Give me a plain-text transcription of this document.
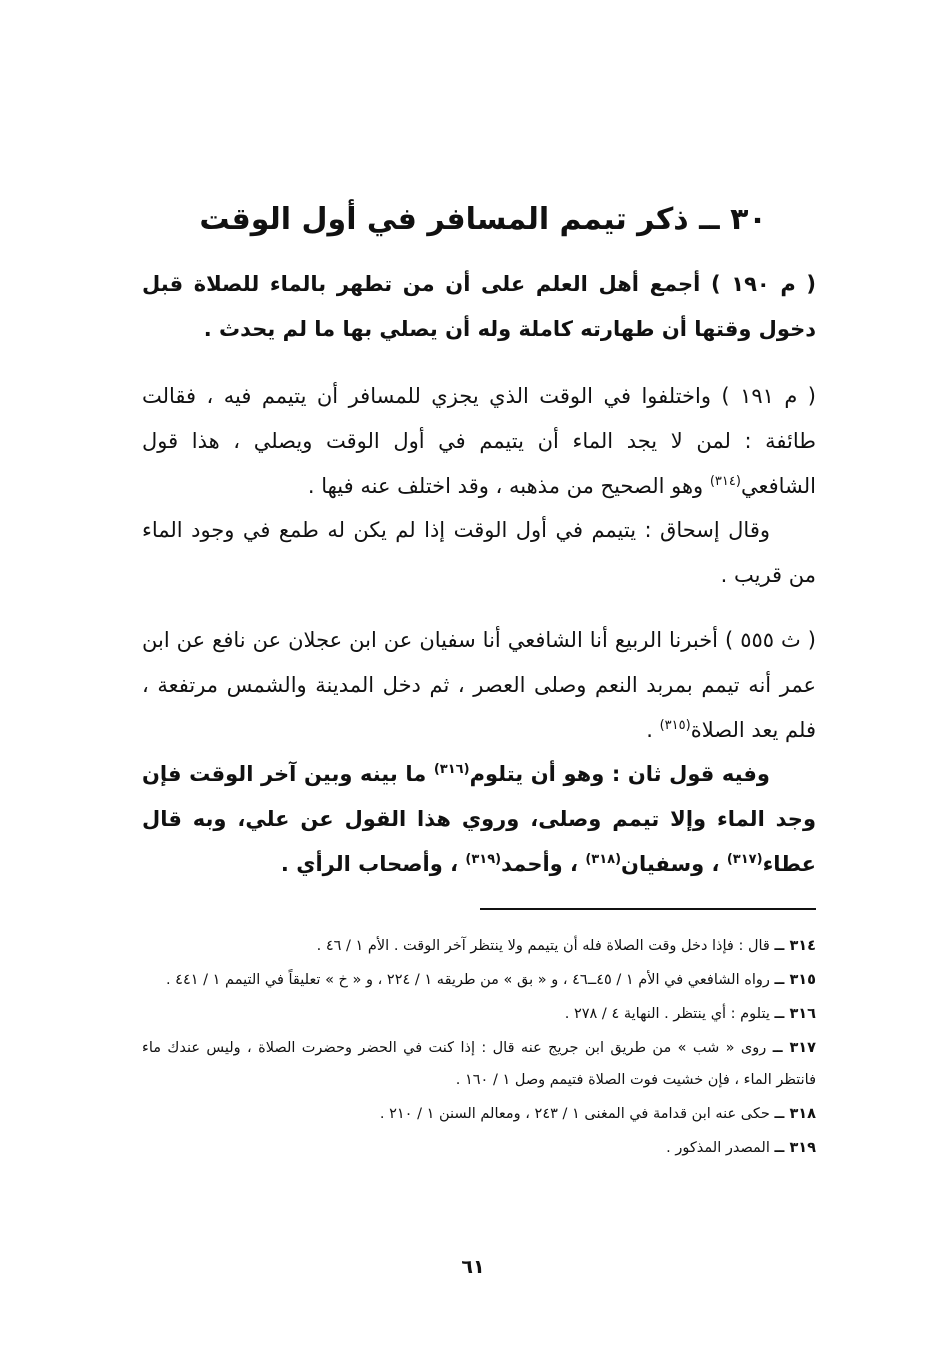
٣٠ ــ ذكر تيمم المسافر في أول الوقت

( م ١٩٠ ) أجمع أهل العلم على أن من تطهر بالماء للصلاة قبل دخول وقتها أن طهارته كاملة وله أن يصلي بها ما لم يحدث .

( م ١٩١ ) واختلفوا في الوقت الذي يجزي للمسافر أن يتيمم فيه ، فقالت طائفة : لمن لا يجد الماء أن يتيمم في أول الوقت ويصلي ، هذا قول الشافعي$^{(٣١٤)}$ وهو الصحيح من مذهبه ، وقد اختلف عنه فيها .

وقال إسحاق : يتيمم في أول الوقت إذا لم يكن له طمع في وجود الماء من قريب .

( ث ٥٥٥ ) أخبرنا الربيع أنا الشافعي أنا سفيان عن ابن عجلان عن نافع عن ابن عمر أنه تيمم بمربد النعم وصلى العصر ، ثم دخل المدينة والشمس مرتفعة ، فلم يعد الصلاة$^{(٣١٥)}$ .

وفيه قول ثان : وهو أن يتلوم$^{(٣١٦)}$ ما بينه وبين آخر الوقت فإن وجد الماء وإلا تيمم وصلى، وروي هذا القول عن علي، وبه قال عطاء$^{(٣١٧)}$ ، وسفيان$^{(٣١٨)}$ ، وأحمد$^{(٣١٩)}$ ، وأصحاب الرأي .

٣١٤ ــ قال : فإذا دخل وقت الصلاة فله أن يتيمم ولا ينتظر آخر الوقت . الأم ١ / ٤٦ .

٣١٥ ــ رواه الشافعي في الأم ١ / ٤٥ــ٤٦ ، و « بق » من طريقه ١ / ٢٢٤ ، و « خ » تعليقاً في التيمم ١ / ٤٤١ .

٣١٦ ــ يتلوم : أي ينتظر . النهاية ٤ / ٢٧٨ .

٣١٧ ــ روى « شب » من طريق ابن جريج عنه قال : إذا كنت في الحضر وحضرت الصلاة ، وليس عندك ماء فانتظر الماء ، فإن خشيت فوت الصلاة فتيمم وصل ١ / ١٦٠ .

٣١٨ ــ حكى عنه ابن قدامة في المغنى ١ / ٢٤٣ ، ومعالم السنن ١ / ٢١٠ .

٣١٩ ــ المصدر المذكور .

٦١
